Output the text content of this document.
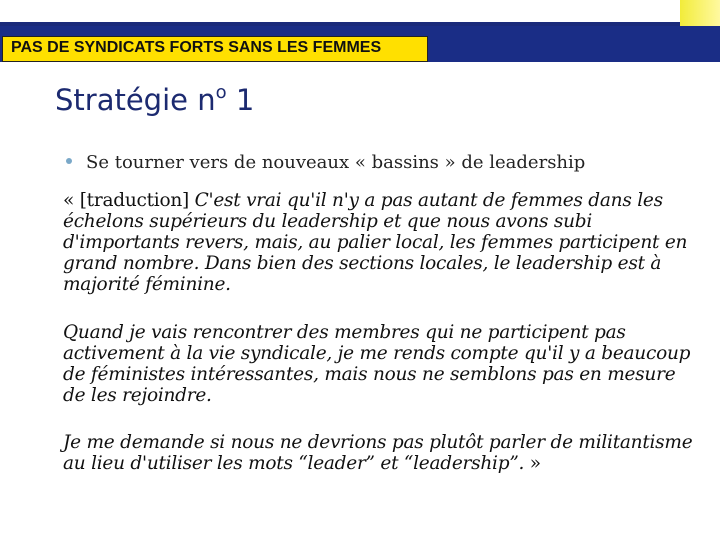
PAS DE SYNDICATS FORTS SANS LES FEMMES
Stratégie $n^o$ 1
Se tourner vers de nouveaux « bassins » de leadership

« [traduction] C'est vrai qu'il n'y a pas autant de femmes dans les échelons supérieurs du leadership et que nous avons subi d'importants revers, mais, au palier local, les femmes participent en grand nombre. Dans bien des sections locales, le leadership est à majorité féminine.

Quand je vais rencontrer des membres qui ne participent pas activement à la vie syndicale, je me rends compte qu'il y a beaucoup de féministes intéressantes, mais nous ne semblons pas en mesure de les rejoindre.

Je me demande si nous ne devrions pas plutôt parler de militantisme au lieu d'utiliser les mots “leader” et “leadership”. »
